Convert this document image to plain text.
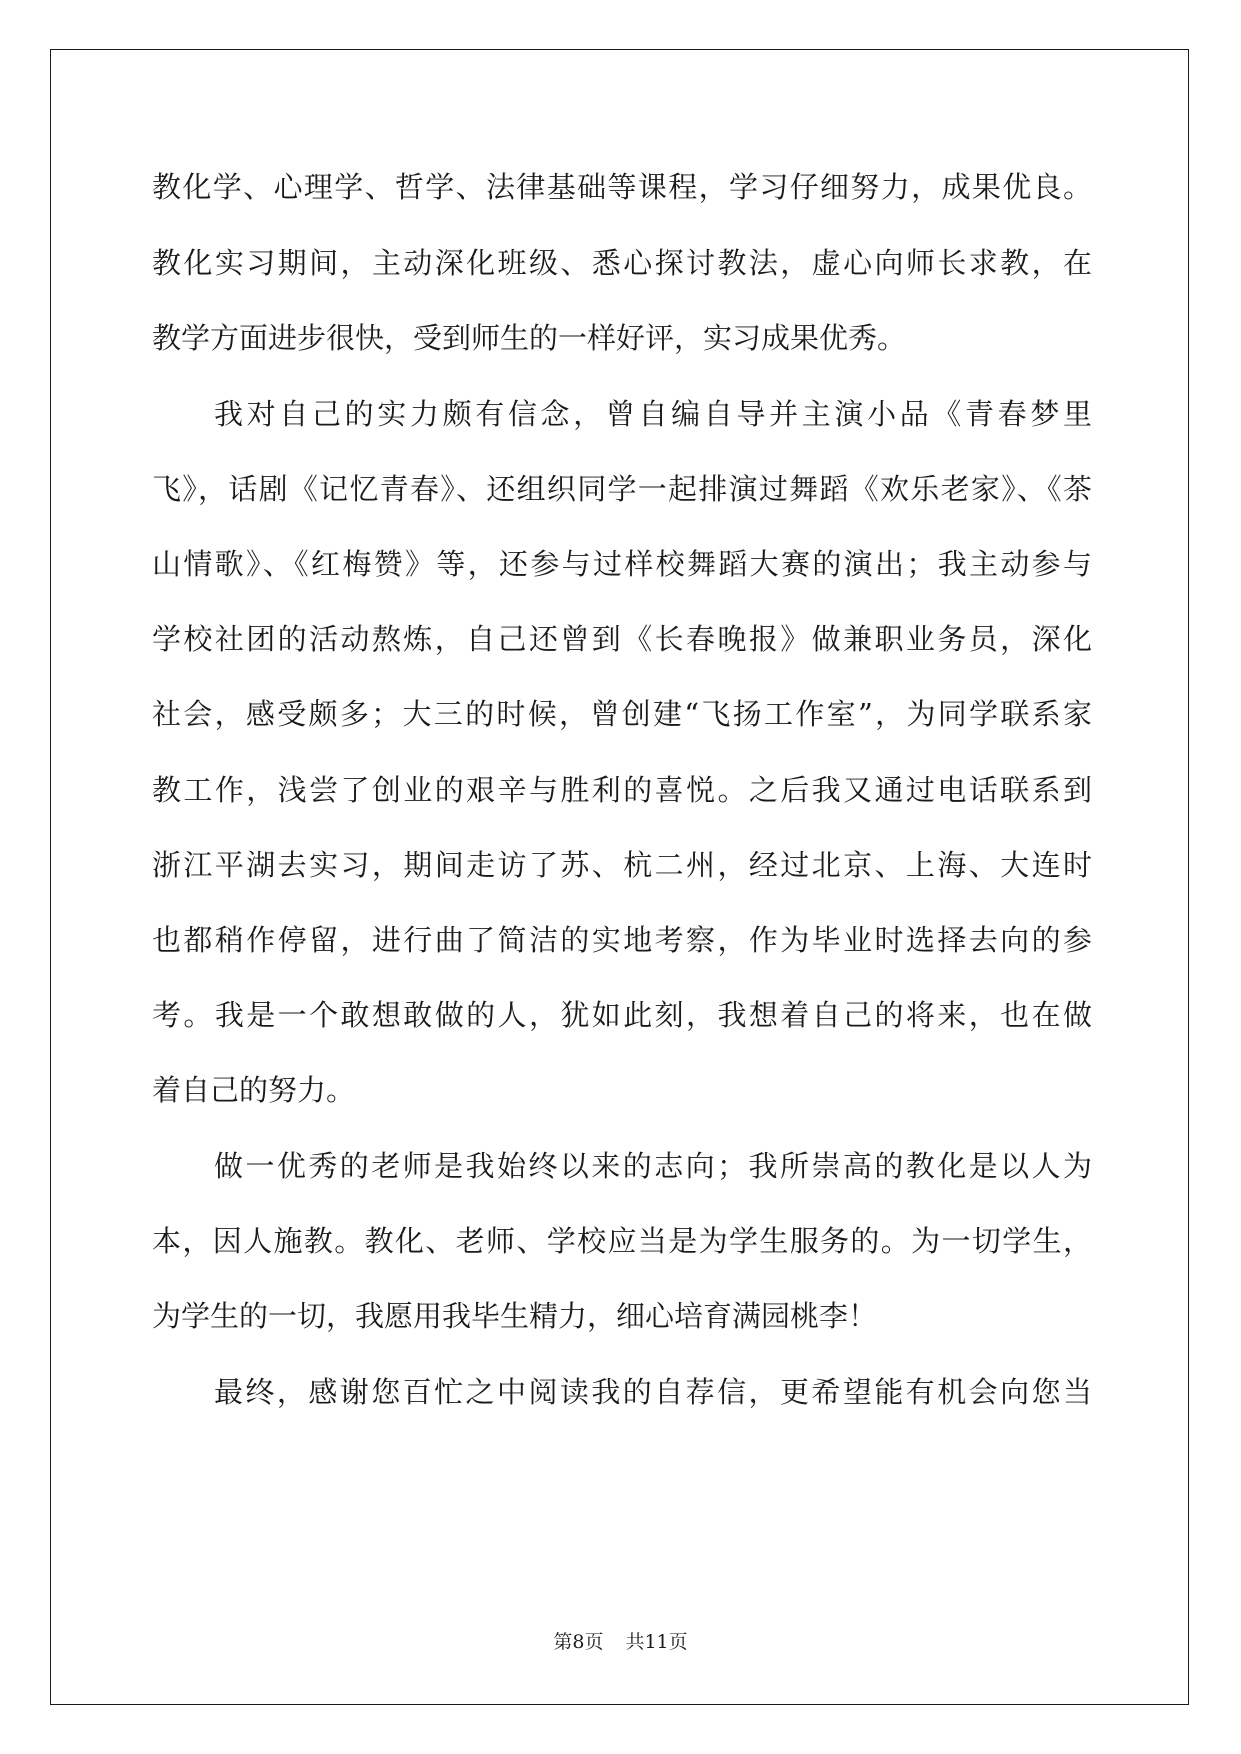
教化学、心理学、哲学、法律基础等课程，学习仔细努力，成果优良。
教化实习期间，主动深化班级、悉心探讨教法，虚心向师长求教，在
教学方面进步很快，受到师生的一样好评，实习成果优秀。
我对自己的实力颇有信念，曾自编自导并主演小品《青春梦里
飞》，话剧《记忆青春》、还组织同学一起排演过舞蹈《欢乐老家》、《茶
山情歌》、《红梅赞》等，还参与过样校舞蹈大赛的演出；我主动参与
学校社团的活动熬炼，自己还曾到《长春晚报》做兼职业务员，深化
社会，感受颇多；大三的时候，曾创建“飞扬工作室”，为同学联系家
教工作，浅尝了创业的艰辛与胜利的喜悦。之后我又通过电话联系到
浙江平湖去实习，期间走访了苏、杭二州，经过北京、上海、大连时
也都稍作停留，进行曲了简洁的实地考察，作为毕业时选择去向的参
考。我是一个敢想敢做的人，犹如此刻，我想着自己的将来，也在做
着自己的努力。
做一优秀的老师是我始终以来的志向；我所崇高的教化是以人为
本，因人施教。教化、老师、学校应当是为学生服务的。为一切学生，
为学生的一切，我愿用我毕生精力，细心培育满园桃李！
最终，感谢您百忙之中阅读我的自荐信，更希望能有机会向您当
第8页 共11页
